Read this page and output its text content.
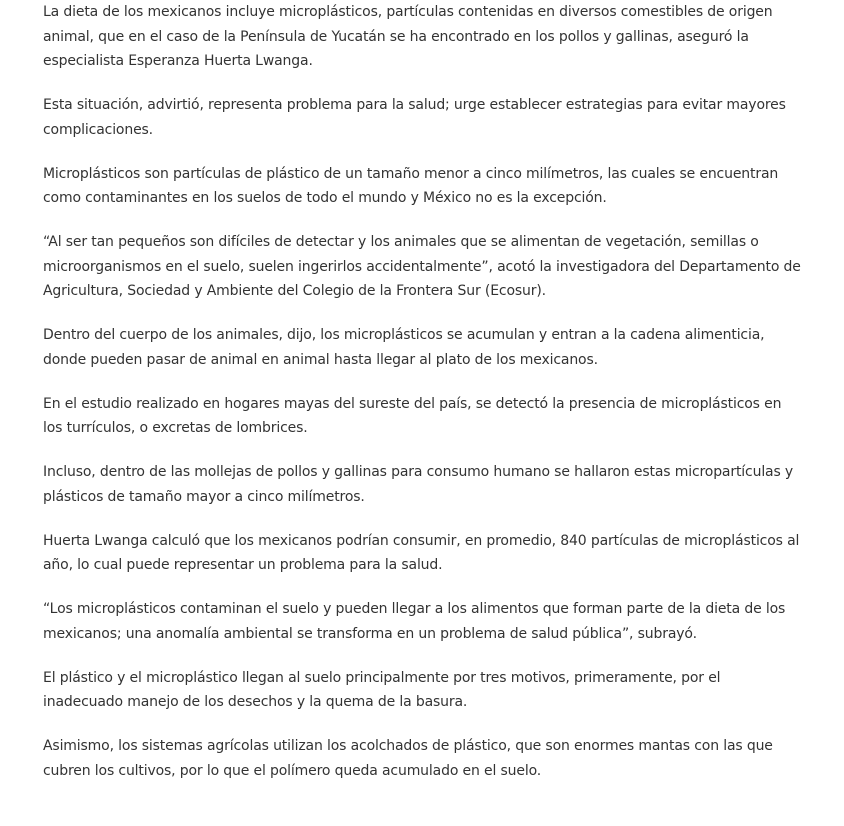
La dieta de los mexicanos incluye microplásticos, partículas contenidas en diversos comestibles de origen animal, que en el caso de la Península de Yucatán se ha encontrado en los pollos y gallinas, aseguró la especialista Esperanza Huerta Lwanga.

Esta situación, advirtió, representa problema para la salud; urge establecer estrategias para evitar mayores complicaciones.

Microplásticos son partículas de plástico de un tamaño menor a cinco milímetros, las cuales se encuentran como contaminantes en los suelos de todo el mundo y México no es la excepción.

“Al ser tan pequeños son difíciles de detectar y los animales que se alimentan de vegetación, semillas o microorganismos en el suelo, suelen ingerirlos accidentalmente”, acotó la investigadora del Departamento de Agricultura, Sociedad y Ambiente del Colegio de la Frontera Sur (Ecosur).

Dentro del cuerpo de los animales, dijo, los microplásticos se acumulan y entran a la cadena alimenticia, donde pueden pasar de animal en animal hasta llegar al plato de los mexicanos.

En el estudio realizado en hogares mayas del sureste del país, se detectó la presencia de microplásticos en los turrículos, o excretas de lombrices.

Incluso, dentro de las mollejas de pollos y gallinas para consumo humano se hallaron estas micropartículas y plásticos de tamaño mayor a cinco milímetros.

Huerta Lwanga calculó que los mexicanos podrían consumir, en promedio, 840 partículas de microplásticos al año, lo cual puede representar un problema para la salud.

“Los microplásticos contaminan el suelo y pueden llegar a los alimentos que forman parte de la dieta de los mexicanos; una anomalía ambiental se transforma en un problema de salud pública”, subrayó.

El plástico y el microplástico llegan al suelo principalmente por tres motivos, primeramente, por el inadecuado manejo de los desechos y la quema de la basura.

Asimismo, los sistemas agrícolas utilizan los acolchados de plástico, que son enormes mantas con las que cubren los cultivos, por lo que el polímero queda acumulado en el suelo.
